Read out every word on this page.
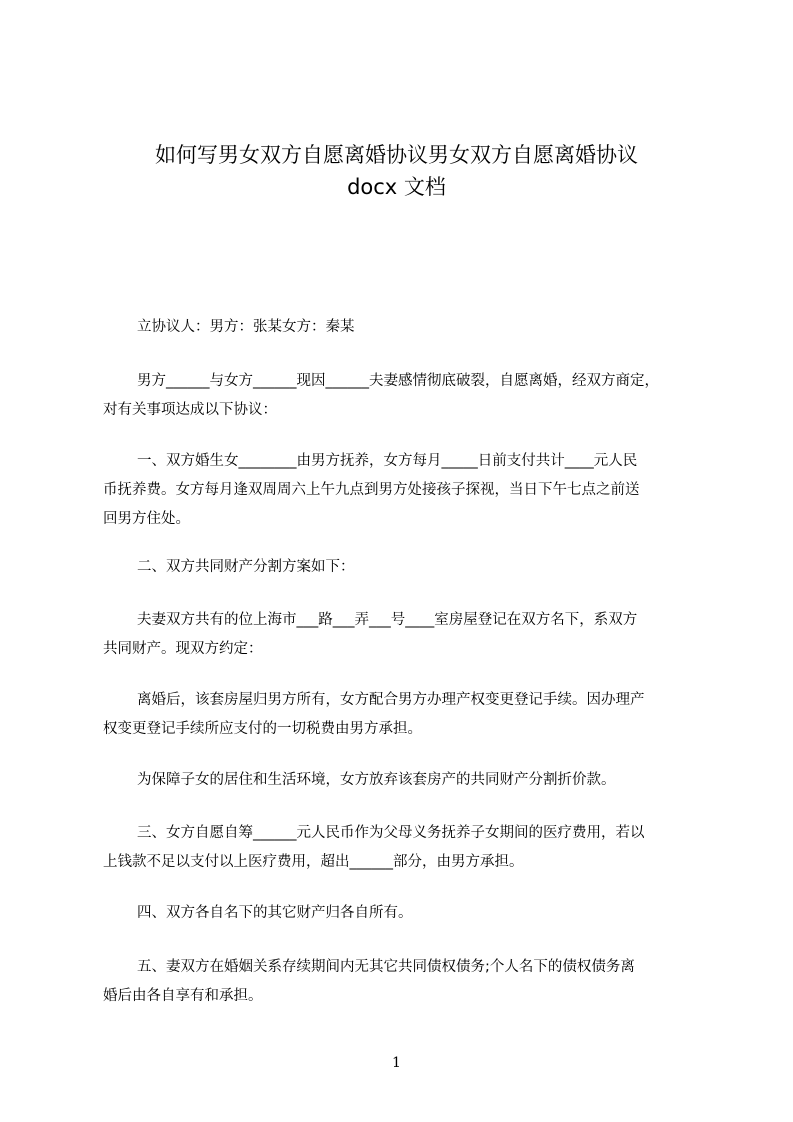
如何写男女双方自愿离婚协议男女双方自愿离婚协议
docx 文档
立协议人：男方：张某女方：秦某
男方______与女方______现因______夫妻感情彻底破裂，自愿离婚，经双方商定，
对有关事项达成以下协议：
一、双方婚生女________由男方抚养，女方每月_____日前支付共计____元人民
币抚养费。女方每月逢双周周六上午九点到男方处接孩子探视，当日下午七点之前送
回男方住处。
二、双方共同财产分割方案如下：
夫妻双方共有的位上海市___路___弄___号____室房屋登记在双方名下，系双方
共同财产。现双方约定：
离婚后，该套房屋归男方所有，女方配合男方办理产权变更登记手续。因办理产
权变更登记手续所应支付的一切税费由男方承担。
为保障子女的居住和生活环境，女方放弃该套房产的共同财产分割折价款。
三、女方自愿自筹______元人民币作为父母义务抚养子女期间的医疗费用，若以
上钱款不足以支付以上医疗费用，超出______部分，由男方承担。
四、双方各自名下的其它财产归各自所有。
五、妻双方在婚姻关系存续期间内无其它共同债权债务;个人名下的债权债务离
婚后由各自享有和承担。
1
